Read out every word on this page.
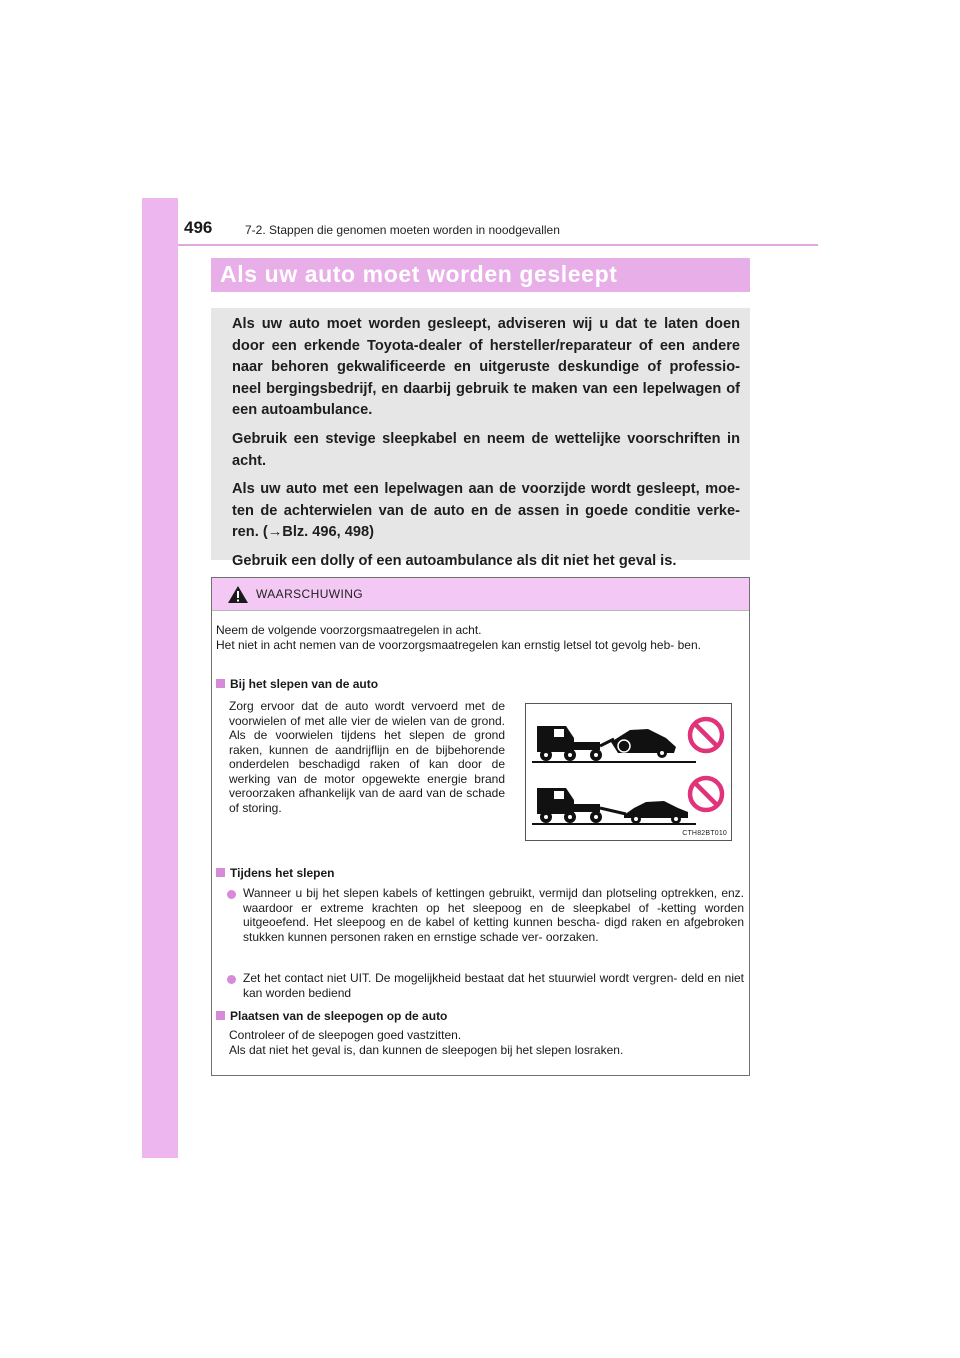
496	7-2. Stappen die genomen moeten worden in noodgevallen
Als uw auto moet worden gesleept

Als uw auto moet worden gesleept, adviseren wij u dat te laten doen door een erkende Toyota-dealer of hersteller/reparateur of een andere naar behoren gekwalificeerde en uitgeruste deskundige of professio- neel bergingsbedrijf, en daarbij gebruik te maken van een lepelwagen of een autoambulance.

Gebruik een stevige sleepkabel en neem de wettelijke voorschriften in acht.

Als uw auto met een lepelwagen aan de voorzijde wordt gesleept, moe- ten de achterwielen van de auto en de assen in goede conditie verke- ren. (→Blz. 496, 498)

Gebruik een dolly of een autoambulance als dit niet het geval is.

WAARSCHUWING
Neem de volgende voorzorgsmaatregelen in acht.
Het niet in acht nemen van de voorzorgsmaatregelen kan ernstig letsel tot gevolg heb- ben.
Bij het slepen van de auto
Zorg ervoor dat de auto wordt vervoerd met de voorwielen of met alle vier de wielen van de grond. Als de voorwielen tijdens het slepen de grond raken, kunnen de aandrijflijn en de bijbehorende onderdelen beschadigd raken of kan door de werking van de motor opgewekte energie brand veroorzaken afhankelijk van de aard van de schade of storing.
CTH82BT010
Tijdens het slepen
Wanneer u bij het slepen kabels of kettingen gebruikt, vermijd dan plotseling optrekken, enz. waardoor er extreme krachten op het sleepoog en de sleepkabel of -ketting worden uitgeoefend. Het sleepoog en de kabel of ketting kunnen bescha- digd raken en afgebroken stukken kunnen personen raken en ernstige schade ver- oorzaken.
Zet het contact niet UIT. De mogelijkheid bestaat dat het stuurwiel wordt vergren- deld en niet kan worden bediend
Plaatsen van de sleepogen op de auto
Controleer of de sleepogen goed vastzitten.
Als dat niet het geval is, dan kunnen de sleepogen bij het slepen losraken.
